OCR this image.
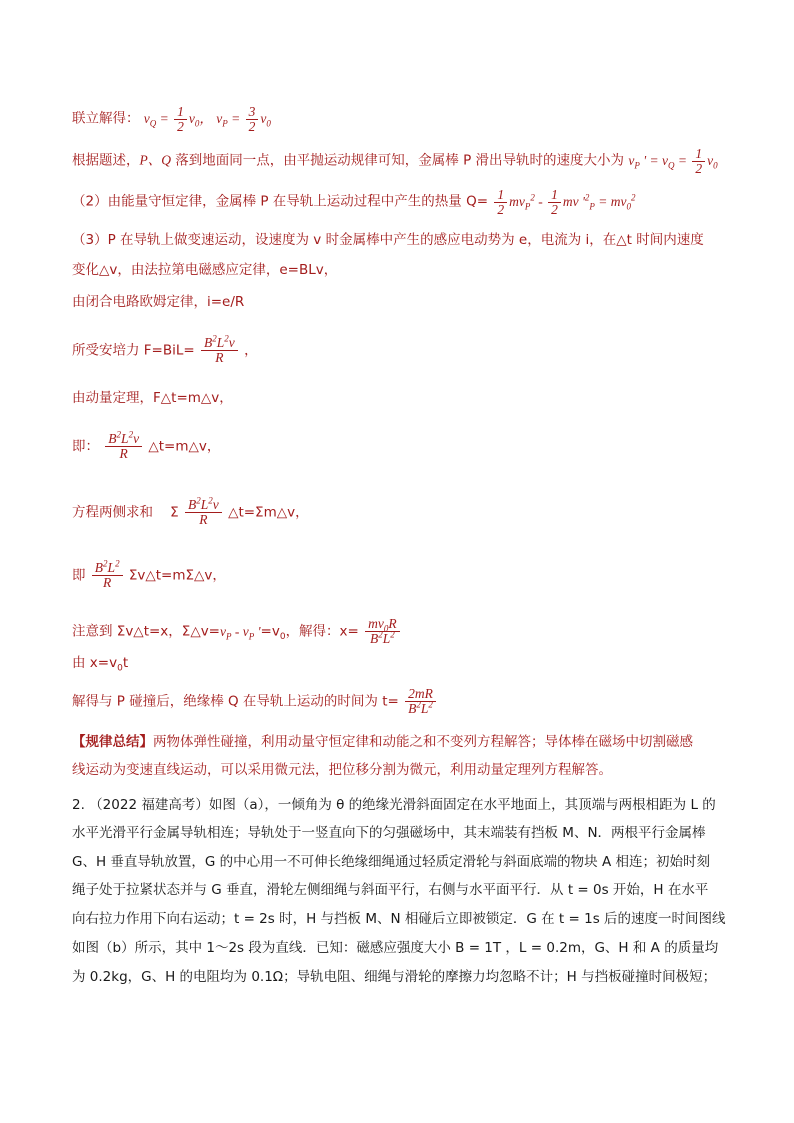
联立解得： $v_Q = \frac{1}{2} v_0$， $v_P = \frac{3}{2} v_0$
根据题述，P、Q 落到地面同一点，由平抛运动规律可知，金属棒 P 滑出导轨时的速度大小为 $v_P$ ' = $v_Q = \frac{1}{2} v_0$
（2）由能量守恒定律，金属棒 P 在导轨上运动过程中产生的热量 $Q= \frac{1}{2} mv_P^2 - \frac{1}{2}$ mv '$^2_P = mv_0^2$
（3）P 在导轨上做变速运动，设速度为 v 时金属棒中产生的感应电动势为 e，电流为 i，在△t 时间内速度
变化△v，由法拉第电磁感应定律，e=BLv，
由闭合电路欧姆定律，i=e/R
所受安培力 $F=BiL= \frac{B^2L^2v}{R}$ ，
由动量定理，F△t=m△v，
即： $\frac{B^2L^2v}{R}$ △t=m△v，
方程两侧求和 Σ $\frac{B^2L^2v}{R}$ △t=Σm△v，
即 $\frac{B^2L^2}{R}$ Σv△t=mΣ△v，
注意到 Σv△t=x，$\Sigma\triangle v=v_P - v_P$ '$=v_0$，解得：$x= \frac{mv_0R}{B^2L^2}$
由 $x=v_0t$
解得与 P 碰撞后，绝缘棒 Q 在导轨上运动的时间为 $t= \frac{2mR}{B^2L^2}$
【规律总结】两物体弹性碰撞，利用动量守恒定律和动能之和不变列方程解答；导体棒在磁场中切割磁感
线运动为变速直线运动，可以采用微元法，把位移分割为微元，利用动量定理列方程解答。
2. （2022 福建高考）如图（a），一倾角为 θ 的绝缘光滑斜面固定在水平地面上，其顶端与两根相距为 L 的
水平光滑平行金属导轨相连；导轨处于一竖直向下的匀强磁场中，其末端装有挡板 M、N．两根平行金属棒
G、H 垂直导轨放置，G 的中心用一不可伸长绝缘细绳通过轻质定滑轮与斜面底端的物块 A 相连；初始时刻
绳子处于拉紧状态并与 G 垂直，滑轮左侧细绳与斜面平行，右侧与水平面平行．从 t = 0s 开始，H 在水平
向右拉力作用下向右运动；t = 2s 时，H 与挡板 M、N 相碰后立即被锁定．G 在 t = 1s 后的速度一时间图线
如图（b）所示，其中 1～2s 段为直线．已知：磁感应强度大小 B = 1T ，L = 0.2m，G、H 和 A 的质量均
为 0.2kg，G、H 的电阻均为 0.1Ω；导轨电阻、细绳与滑轮的摩擦力均忽略不计；H 与挡板碰撞时间极短；
